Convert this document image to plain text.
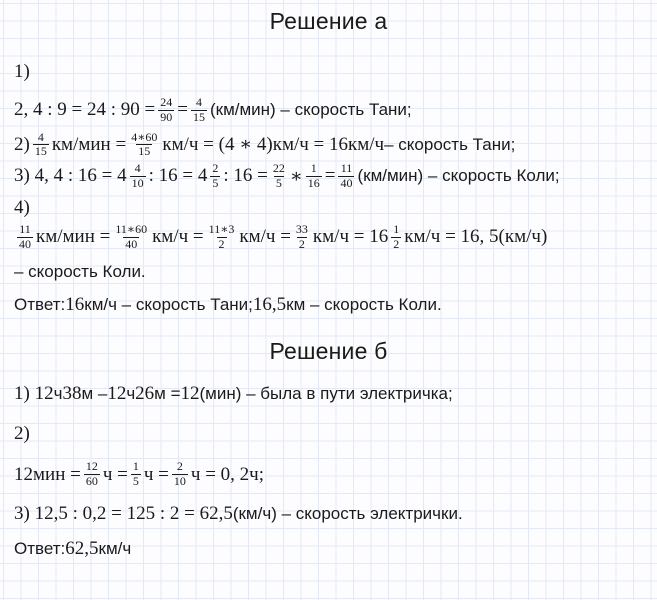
Решение а
1)
2, 4 : 9 = 24 : $90 = \frac{24}{90} = \frac{4}{15} (км/мин)$ – скорость Тани;
$2) \frac{4}{15} км/мин = \frac{4∗60}{15} км/ч = (4$ ∗ 4)км/ч = 16км/ч – скорость Тани;
3) 4, 4 : $16 = 4 \frac{4}{10}$ : $16 = 4 \frac{2}{5}$ : $16 = \frac{22}{5}$ ∗ $\frac{1}{16} = \frac{11}{40} (км/мин)$ – скорость Коли;
4)
$\frac{11}{40} км/мин = \frac{11∗60}{40} км/ч = \frac{11∗3}{2} км/ч = \frac{33}{2} км/ч = 16 \frac{1}{2} км/ч = 16$, 5(км/ч)
– скорость Коли.
Ответ: 16 км/ч – скорость Тани; 16,5 км – скорость Коли.
Решение б
1) 12 ч 38 м – 12 ч 26 м = 12 (мин) – была в пути электричка;
2)
$12мин = \frac{12}{60}$ $ч = \frac{1}{5}$ $ч = \frac{2}{10}$ ч = 0, 2ч;
3) 12,5 : 0,2 = 125 : 2 = 62,5 (км/ч) – скорость электрички.
Ответ: 62,5 км/ч
